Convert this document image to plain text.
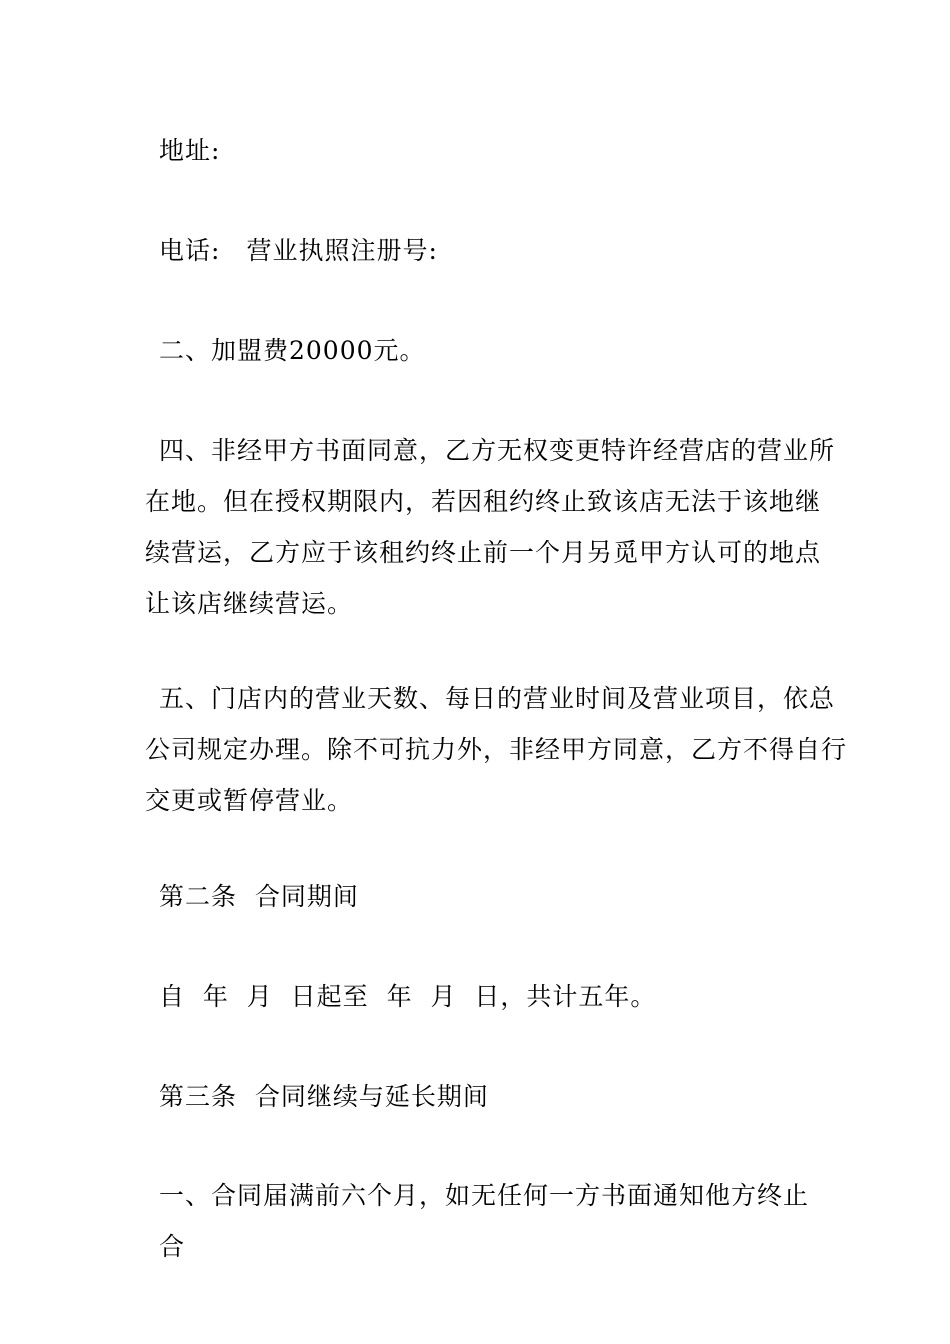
地址:

电话: 营业执照注册号:

二、加盟费20000元。

四、非经甲方书面同意，乙方无权变更特许经营店的营业所
在地。但在授权期限内，若因租约终止致该店无法于该地继
续营运，乙方应于该租约终止前一个月另觅甲方认可的地点
让该店继续营运。
五、门店内的营业天数、每日的营业时间及营业项目，依总
公司规定办理。除不可抗力外，非经甲方同意，乙方不得自行
交更或暂停营业。

第二条  合同期间

自  年  月  日起至  年  月  日，共计五年。

第三条  合同继续与延长期间

一、合同届满前六个月，如无任何一方书面通知他方终止合
